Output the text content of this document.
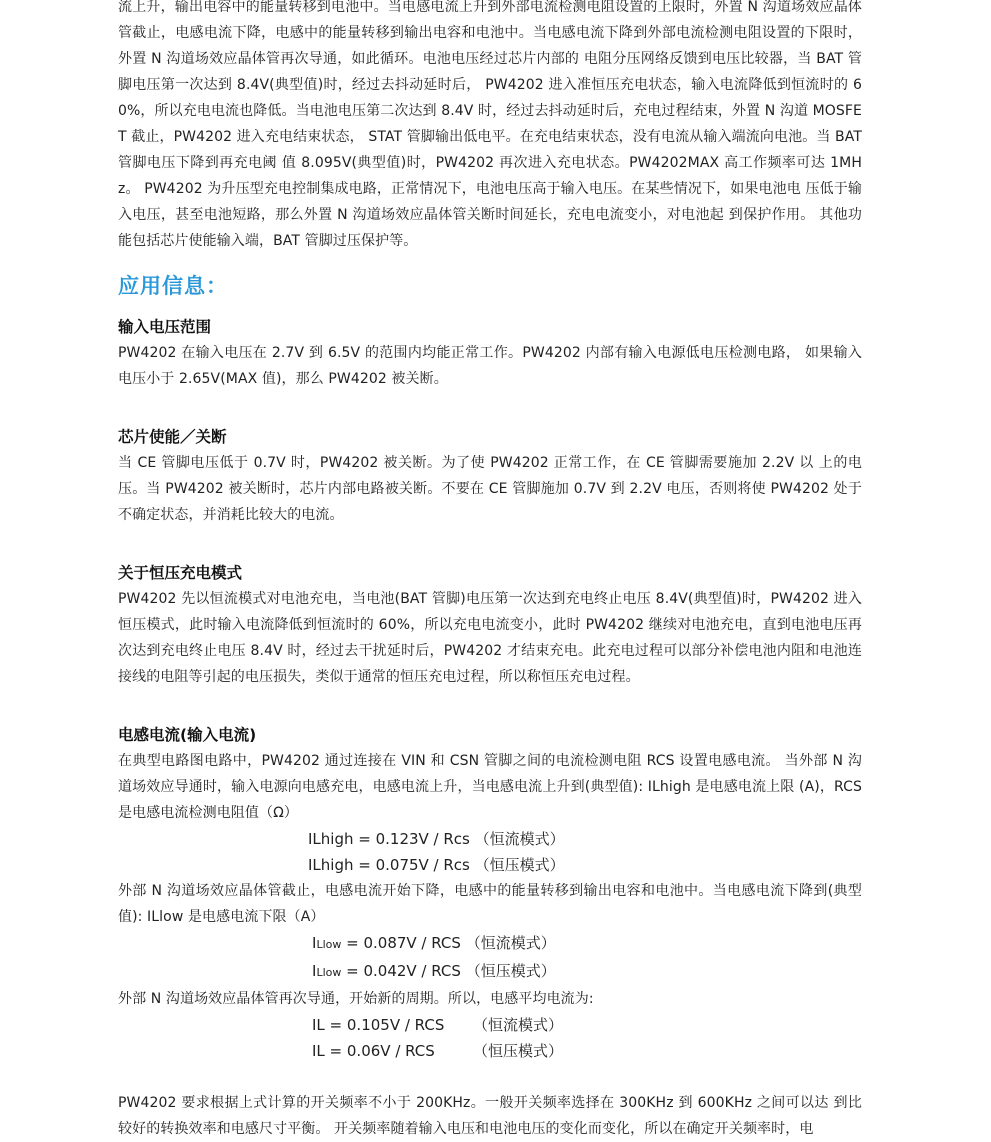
流上升，输出电容中的能量转移到电池中。当电感电流上升到外部电流检测电阻设置的上限时，外置 N 沟道场效应晶体管截止，电感电流下降，电感中的能量转移到输出电容和电池中。当电感电流下降到外部电流检测电阻设置的下限时，外置 N 沟道场效应晶体管再次导通，如此循环。电池电压经过芯片内部的 电阻分压网络反馈到电压比较器，当 BAT 管脚电压第一次达到 8.4V(典型值)时，经过去抖动延时后， PW4202 进入准恒压充电状态，输入电流降低到恒流时的 60%，所以充电电流也降低。当电池电压第二次达到 8.4V 时，经过去抖动延时后，充电过程结束，外置 N 沟道 MOSFET 截止，PW4202 进入充电结束状态， STAT 管脚输出低电平。在充电结束状态，没有电流从输入端流向电池。当 BAT 管脚电压下降到再充电阈 值 8.095V(典型值)时，PW4202 再次进入充电状态。PW4202MAX 高工作频率可达 1MHz。 PW4202 为升压型充电控制集成电路，正常情况下，电池电压高于输入电压。在某些情况下，如果电池电 压低于输入电压，甚至电池短路，那么外置 N 沟道场效应晶体管关断时间延长，充电电流变小，对电池起 到保护作用。 其他功能包括芯片使能输入端，BAT 管脚过压保护等。

应用信息：
输入电压范围

PW4202 在输入电压在 2.7V 到 6.5V 的范围内均能正常工作。PW4202 内部有输入电源低电压检测电路， 如果输入电压小于 2.65V(MAX 值)，那么 PW4202 被关断。

芯片使能／关断

当 CE 管脚电压低于 0.7V 时，PW4202 被关断。为了使 PW4202 正常工作，在 CE 管脚需要施加 2.2V 以 上的电压。当 PW4202 被关断时，芯片内部电路被关断。不要在 CE 管脚施加 0.7V 到 2.2V 电压，否则将使 PW4202 处于不确定状态，并消耗比较大的电流。

关于恒压充电模式

PW4202 先以恒流模式对电池充电，当电池(BAT 管脚)电压第一次达到充电终止电压 8.4V(典型值)时，PW4202 进入恒压模式，此时输入电流降低到恒流时的 60%，所以充电电流变小，此时 PW4202 继续对电池充电，直到电池电压再次达到充电终止电压 8.4V 时，经过去干扰延时后，PW4202 才结束充电。此充电过程可以部分补偿电池内阻和电池连接线的电阻等引起的电压损失，类似于通常的恒压充电过程，所以称恒压充电过程。

电感电流(输入电流)

在典型电路图电路中，PW4202 通过连接在 VIN 和 CSN 管脚之间的电流检测电阻 RCS 设置电感电流。 当外部 N 沟道场效应导通时，输入电源向电感充电，电感电流上升，当电感电流上升到(典型值): ILhigh 是电感电流上限 (A)，RCS 是电感电流检测电阻值（Ω）

ILhigh = 0.123V / Rcs （恒流模式）
ILhigh = 0.075V / Rcs （恒压模式）

外部 N 沟道场效应晶体管截止，电感电流开始下降，电感中的能量转移到输出电容和电池中。当电感电流下降到(典型值): ILlow 是电感电流下限（A）

ILlow = 0.087V / RCS （恒流模式）
ILlow = 0.042V / RCS （恒压模式）

外部 N 沟道场效应晶体管再次导通，开始新的周期。所以，电感平均电流为:

IL = 0.105V / RCS      （恒流模式）
IL = 0.06V / RCS        （恒压模式）

PW4202 要求根据上式计算的开关频率不小于 200KHz。一般开关频率选择在 300KHz 到 600KHz 之间可以达 到比较好的转换效率和电感尺寸平衡。 开关频率随着输入电压和电池电压的变化而变化，所以在确定开关频率时，电
